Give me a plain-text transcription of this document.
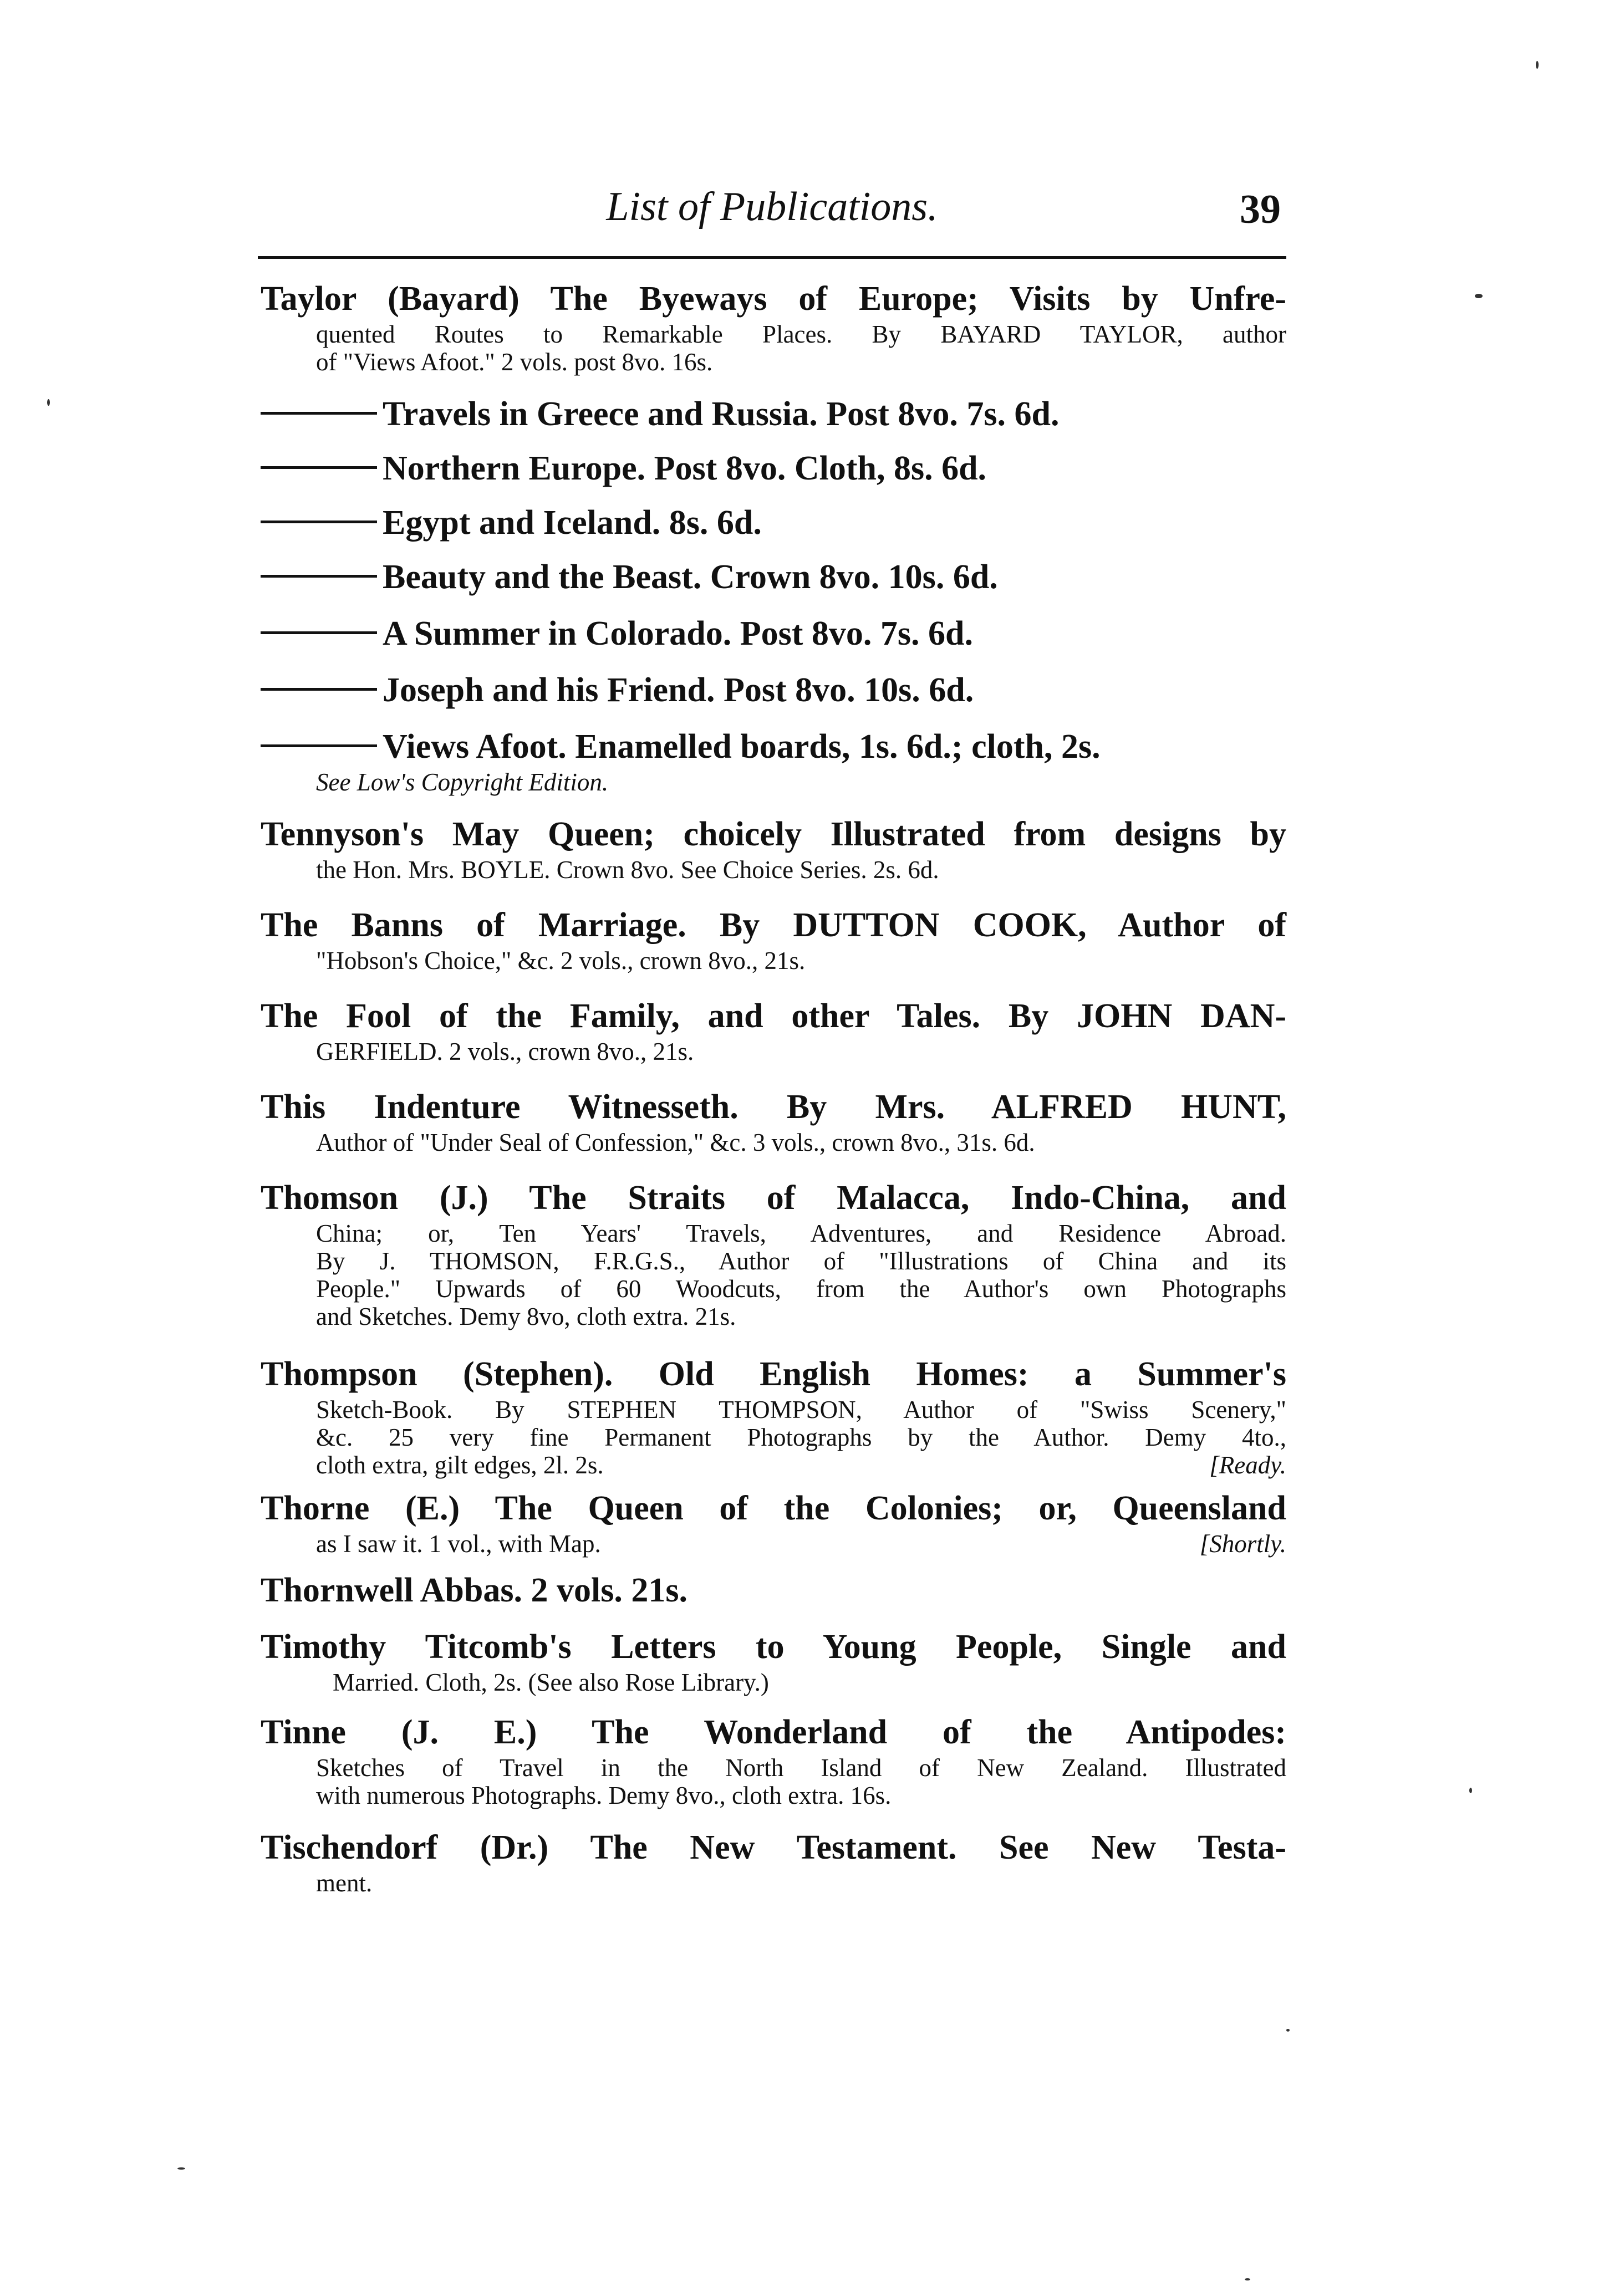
List of Publications.	39
Taylor (Bayard) The Byeways of Europe; Visits by Unfre-
quented Routes to Remarkable Places. By BAYARD TAYLOR, author
of "Views Afoot." 2 vols. post 8vo. 16s.
Travels in Greece and Russia. Post 8vo. 7s. 6d.
Northern Europe. Post 8vo. Cloth, 8s. 6d.
Egypt and Iceland. 8s. 6d.
Beauty and the Beast. Crown 8vo. 10s. 6d.
A Summer in Colorado. Post 8vo. 7s. 6d.
Joseph and his Friend. Post 8vo. 10s. 6d.
Views Afoot. Enamelled boards, 1s. 6d.; cloth, 2s.
See Low's Copyright Edition.
Tennyson's May Queen; choicely Illustrated from designs by
the Hon. Mrs. BOYLE. Crown 8vo. See Choice Series. 2s. 6d.
The Banns of Marriage. By DUTTON COOK, Author of
"Hobson's Choice," &c. 2 vols., crown 8vo., 21s.
The Fool of the Family, and other Tales. By JOHN DAN-
GERFIELD. 2 vols., crown 8vo., 21s.
This Indenture Witnesseth. By Mrs. ALFRED HUNT,
Author of "Under Seal of Confession," &c. 3 vols., crown 8vo., 31s. 6d.
Thomson (J.) The Straits of Malacca, Indo-China, and
China; or, Ten Years' Travels, Adventures, and Residence Abroad.
By J. THOMSON, F.R.G.S., Author of "Illustrations of China and its
People." Upwards of 60 Woodcuts, from the Author's own Photographs
and Sketches. Demy 8vo, cloth extra. 21s.
Thompson (Stephen). Old English Homes: a Summer's
Sketch-Book. By STEPHEN THOMPSON, Author of "Swiss Scenery,"
&c. 25 very fine Permanent Photographs by the Author. Demy 4to.,
cloth extra, gilt edges, 2l. 2s.	[Ready.
Thorne (E.) The Queen of the Colonies; or, Queensland
as I saw it. 1 vol., with Map.	[Shortly.
Thornwell Abbas. 2 vols. 21s.
Timothy Titcomb's Letters to Young People, Single and
Married. Cloth, 2s. (See also Rose Library.)
Tinne (J. E.) The Wonderland of the Antipodes:
Sketches of Travel in the North Island of New Zealand. Illustrated
with numerous Photographs. Demy 8vo., cloth extra. 16s.
Tischendorf (Dr.) The New Testament. See New Testa-
ment.
